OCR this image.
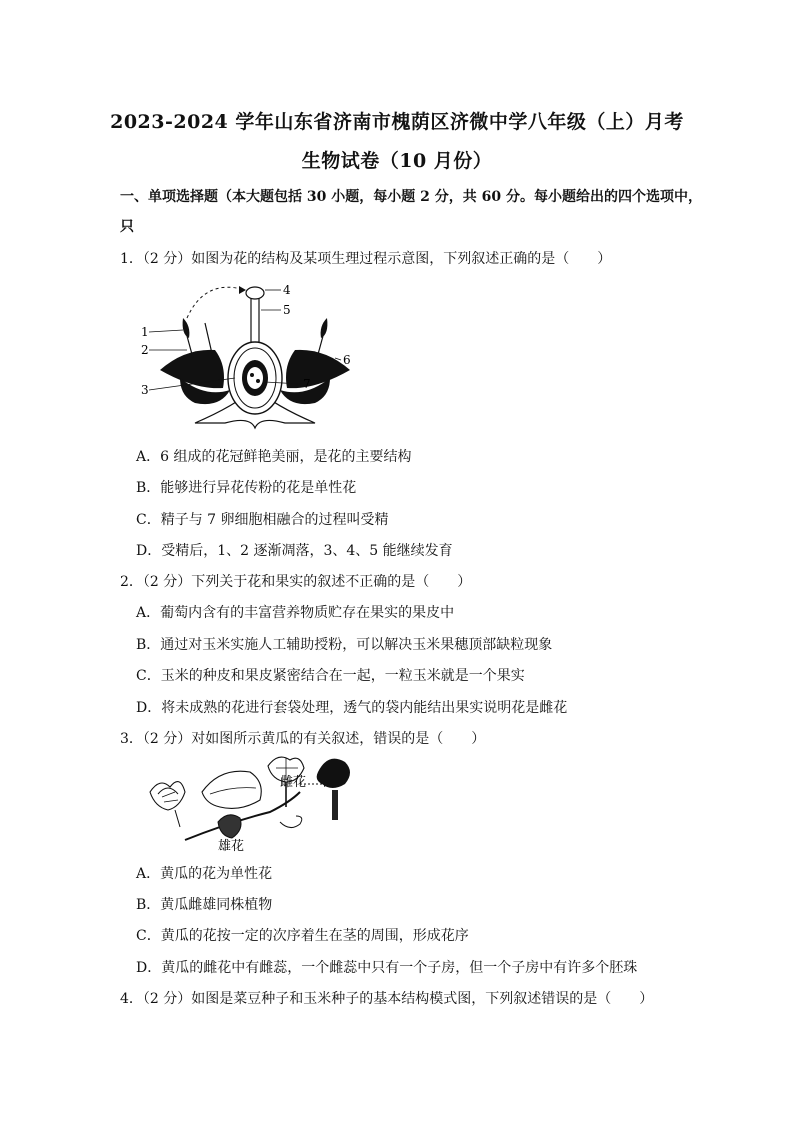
2023-2024 学年山东省济南市槐荫区济微中学八年级（上）月考
生物试卷（10 月份）
一、单项选择题（本大题包括 30 小题，每小题 2 分，共 60 分。每小题给出的四个选项中，
只
1．（2 分）如图为花的结构及某项生理过程示意图，下列叙述正确的是（　　）
1
2
3
4
5
6
7
A．6 组成的花冠鲜艳美丽，是花的主要结构
B．能够进行异花传粉的花是单性花
C．精子与 7 卵细胞相融合的过程叫受精
D．受精后，1、2 逐渐凋落，3、4、5 能继续发育
2．（2 分）下列关于花和果实的叙述不正确的是（　　）
A．葡萄内含有的丰富营养物质贮存在果实的果皮中
B．通过对玉米实施人工辅助授粉，可以解决玉米果穗顶部缺粒现象
C．玉米的种皮和果皮紧密结合在一起，一粒玉米就是一个果实
D．将未成熟的花进行套袋处理，透气的袋内能结出果实说明花是雌花
3．（2 分）对如图所示黄瓜的有关叙述，错误的是（　　）
雌花
雄花
A．黄瓜的花为单性花
B．黄瓜雌雄同株植物
C．黄瓜的花按一定的次序着生在茎的周围，形成花序
D．黄瓜的雌花中有雌蕊，一个雌蕊中只有一个子房，但一个子房中有许多个胚珠
4．（2 分）如图是菜豆种子和玉米种子的基本结构模式图，下列叙述错误的是（　　）
